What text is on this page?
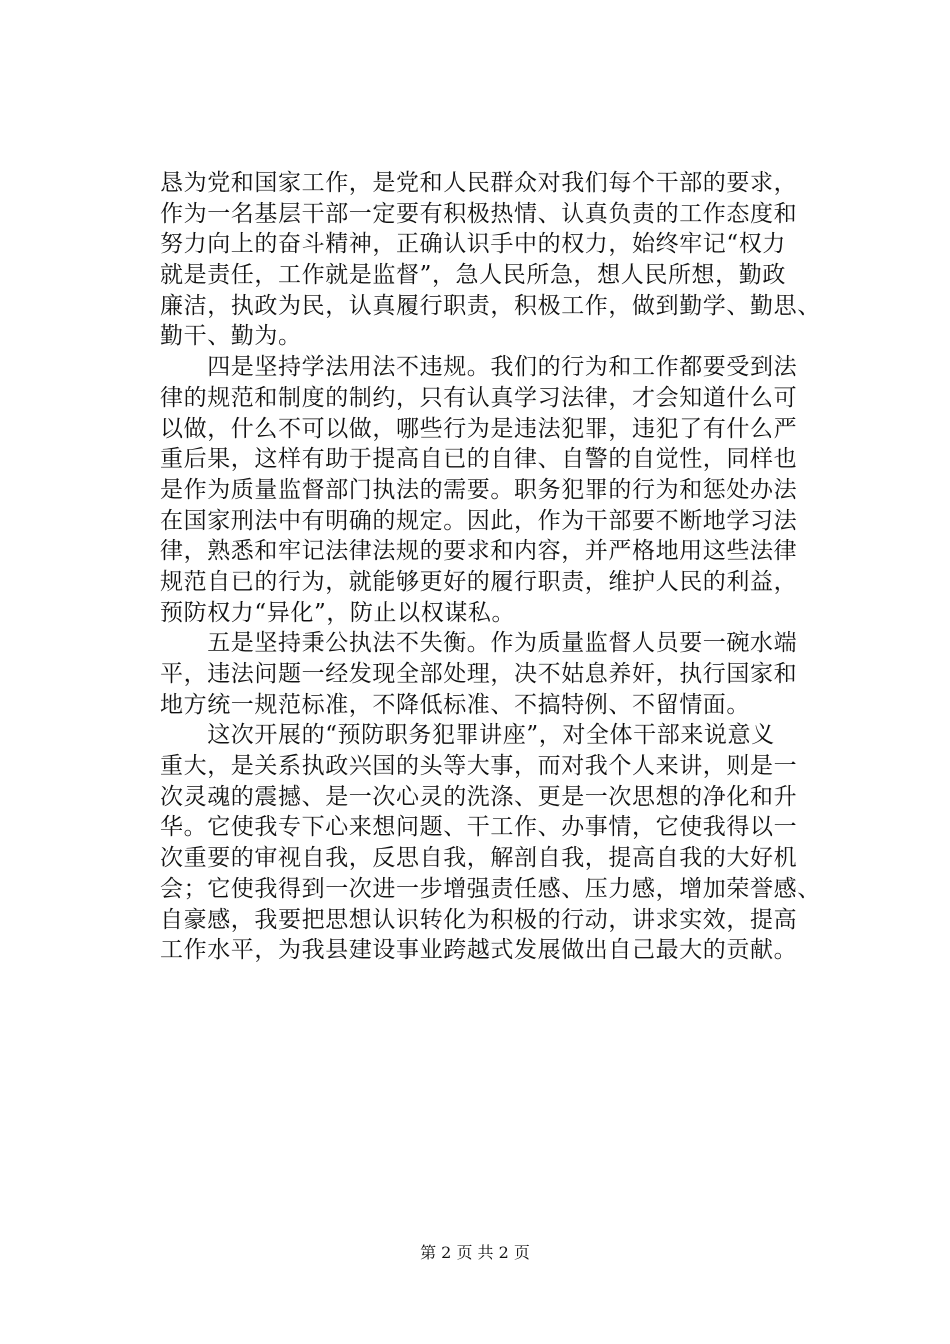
恳为党和国家工作，是党和人民群众对我们每个干部的要求，
作为一名基层干部一定要有积极热情、认真负责的工作态度和
努力向上的奋斗精神，正确认识手中的权力，始终牢记“权力
就是责任，工作就是监督”，急人民所急，想人民所想，勤政
廉洁，执政为民，认真履行职责，积极工作，做到勤学、勤思、
勤干、勤为。
　　四是坚持学法用法不违规。我们的行为和工作都要受到法
律的规范和制度的制约，只有认真学习法律，才会知道什么可
以做，什么不可以做，哪些行为是违法犯罪，违犯了有什么严
重后果，这样有助于提高自已的自律、自警的自觉性，同样也
是作为质量监督部门执法的需要。职务犯罪的行为和惩处办法
在国家刑法中有明确的规定。因此，作为干部要不断地学习法
律，熟悉和牢记法律法规的要求和内容，并严格地用这些法律
规范自已的行为，就能够更好的履行职责，维护人民的利益，
预防权力“异化”，防止以权谋私。
　　五是坚持秉公执法不失衡。作为质量监督人员要一碗水端
平，违法问题一经发现全部处理，决不姑息养奸，执行国家和
地方统一规范标准，不降低标准、不搞特例、不留情面。
　　这次开展的“预防职务犯罪讲座”，对全体干部来说意义
重大，是关系执政兴国的头等大事，而对我个人来讲，则是一
次灵魂的震撼、是一次心灵的洗涤、更是一次思想的净化和升
华。它使我专下心来想问题、干工作、办事情，它使我得以一
次重要的审视自我，反思自我，解剖自我，提高自我的大好机
会；它使我得到一次进一步增强责任感、压力感，增加荣誉感、
自豪感，我要把思想认识转化为积极的行动，讲求实效，提高
工作水平，为我县建设事业跨越式发展做出自己最大的贡献。
第 2 页 共 2 页
